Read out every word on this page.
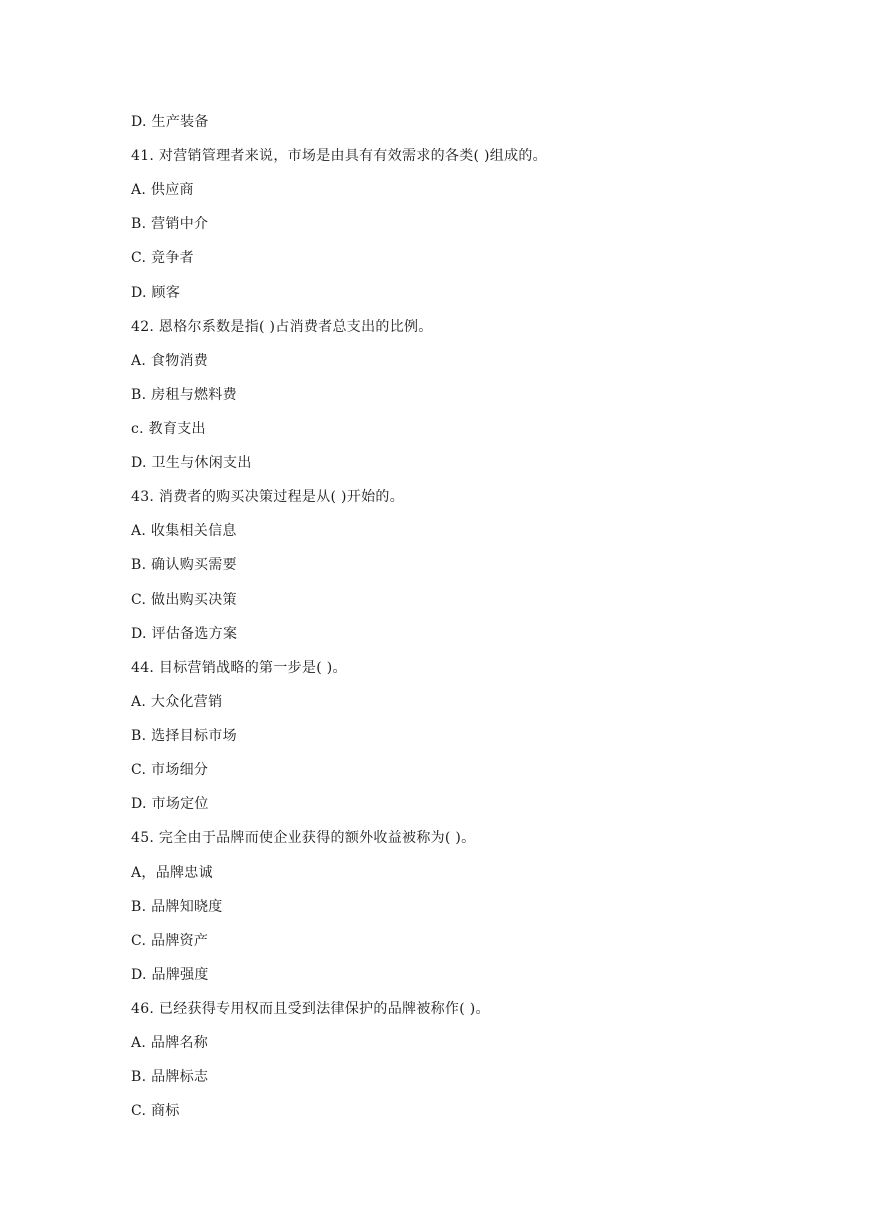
D. 生产装备
41. 对营销管理者来说，市场是由具有有效需求的各类( )组成的。
A. 供应商
B. 营销中介
C. 竞争者
D. 顾客
42. 恩格尔系数是指( )占消费者总支出的比例。
A. 食物消费
B. 房租与燃料费
c. 教育支出
D. 卫生与休闲支出
43. 消费者的购买决策过程是从( )开始的。
A. 收集相关信息
B. 确认购买需要
C. 做出购买决策
D. 评估备选方案
44. 目标营销战略的第一步是( )。
A. 大众化营销
B. 选择目标市场
C. 市场细分
D. 市场定位
45. 完全由于品牌而使企业获得的额外收益被称为( )。
A，品牌忠诚
B. 品牌知晓度
C. 品牌资产
D. 品牌强度
46. 已经获得专用权而且受到法律保护的品牌被称作( )。
A. 品牌名称
B. 品牌标志
C. 商标
